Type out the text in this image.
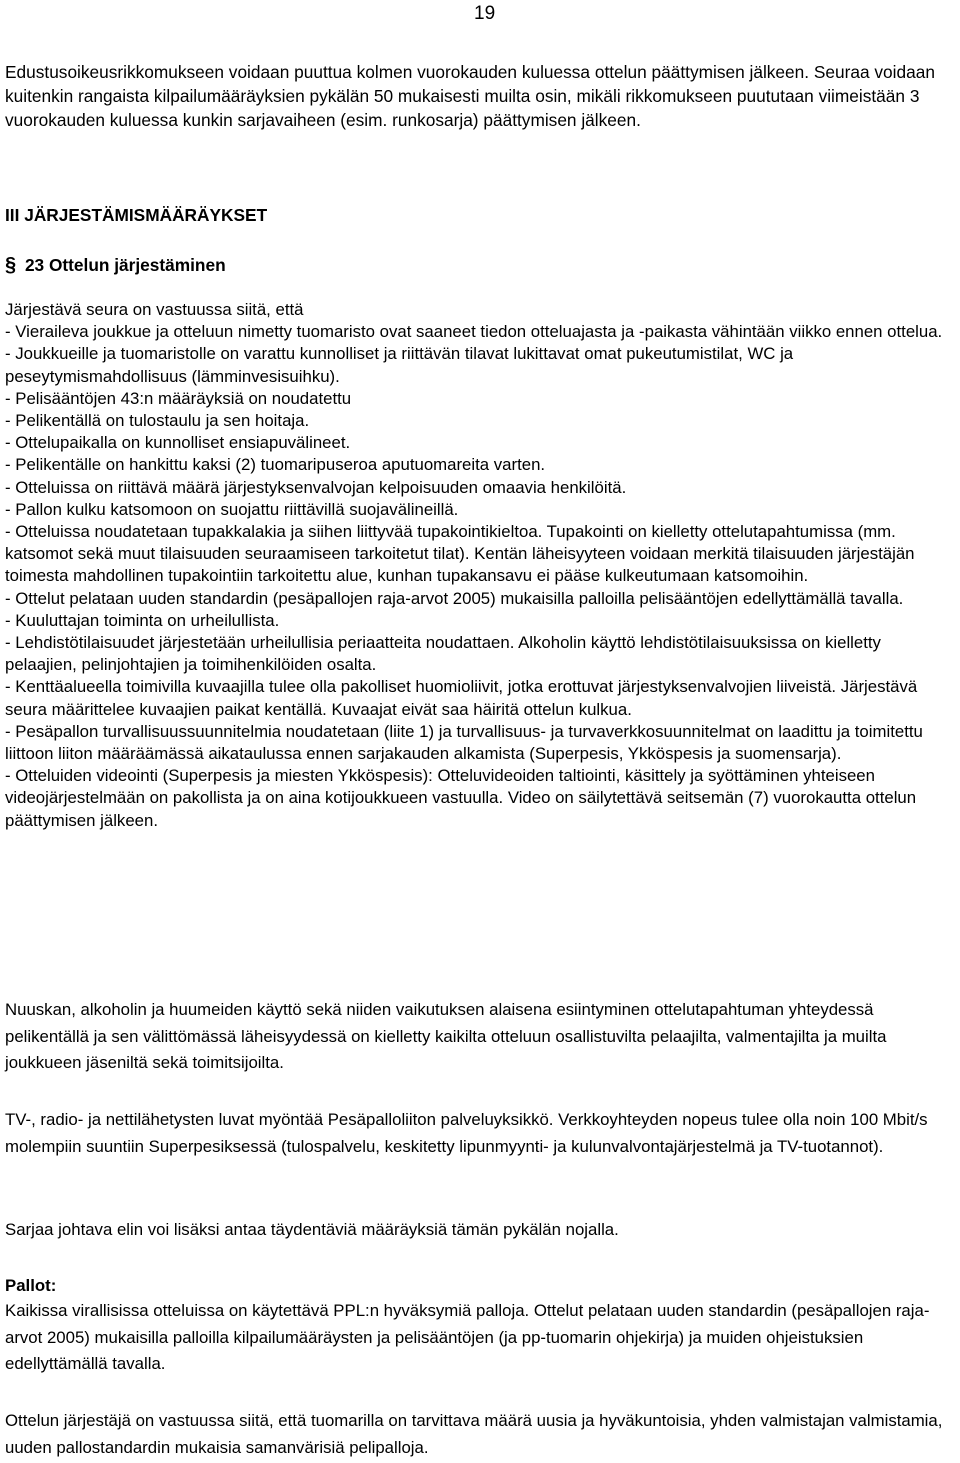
19
Edustusoikeusrikkomukseen voidaan puuttua kolmen vuorokauden kuluessa ottelun päättymisen jälkeen. Seuraa voidaan kuitenkin rangaista kilpailumääräyksien pykälän 50 mukaisesti muilta osin, mikäli rikkomukseen puututaan viimeistään 3 vuorokauden kuluessa kunkin sarjavaiheen (esim. runkosarja) päättymisen jälkeen.
III JÄRJESTÄMISMÄÄRÄYKSET
§ 23 Ottelun järjestäminen

Järjestävä seura on vastuussa siitä, että

- Vieraileva joukkue ja otteluun nimetty tuomaristo ovat saaneet tiedon otteluajasta ja -paikasta vähintään viikko ennen ottelua.

- Joukkueille ja tuomaristolle on varattu kunnolliset ja riittävän tilavat lukittavat omat pukeutumistilat, WC ja peseytymismahdollisuus (lämminvesisuihku).

- Pelisääntöjen 43:n määräyksiä on noudatettu

- Pelikentällä on tulostaulu ja sen hoitaja.

- Ottelupaikalla on kunnolliset ensiapuvälineet.

- Pelikentälle on hankittu kaksi (2) tuomaripuseroa aputuomareita varten.

- Otteluissa on riittävä määrä järjestyksenvalvojan kelpoisuuden omaavia henkilöitä.

- Pallon kulku katsomoon on suojattu riittävillä suojavälineillä.

- Otteluissa noudatetaan tupakkalakia ja siihen liittyvää tupakointikieltoa. Tupakointi on kielletty ottelutapahtumissa (mm. katsomot sekä muut tilaisuuden seuraamiseen tarkoitetut tilat). Kentän läheisyyteen voidaan merkitä tilaisuuden järjestäjän toimesta mahdollinen tupakointiin tarkoitettu alue, kunhan tupakansavu ei pääse kulkeutumaan katsomoihin.

- Ottelut pelataan uuden standardin (pesäpallojen raja-arvot 2005) mukaisilla palloilla pelisääntöjen edellyttämällä tavalla.

- Kuuluttajan toiminta on urheilullista.

- Lehdistötilaisuudet järjestetään urheilullisia periaatteita noudattaen. Alkoholin käyttö lehdistötilaisuuksissa on kielletty pelaajien, pelinjohtajien ja toimihenkilöiden osalta.

- Kenttäalueella toimivilla kuvaajilla tulee olla pakolliset huomioliivit, jotka erottuvat järjestyksenvalvojien liiveistä. Järjestävä seura määrittelee kuvaajien paikat kentällä. Kuvaajat eivät saa häiritä ottelun kulkua.

- Pesäpallon turvallisuussuunnitelmia noudatetaan (liite 1) ja turvallisuus- ja turvaverkkosuunnitelmat on laadittu ja toimitettu liittoon liiton määräämässä aikataulussa ennen sarjakauden alkamista (Superpesis, Ykköspesis ja suomensarja).

- Otteluiden videointi (Superpesis ja miesten Ykköspesis): Otteluvideoiden taltiointi, käsittely ja syöttäminen yhteiseen videojärjestelmään on pakollista ja on aina kotijoukkueen vastuulla. Video on säilytettävä seitsemän (7) vuorokautta ottelun päättymisen jälkeen.

Nuuskan, alkoholin ja huumeiden käyttö sekä niiden vaikutuksen alaisena esiintyminen ottelutapahtuman yhteydessä pelikentällä ja sen välittömässä läheisyydessä on kielletty kaikilta otteluun osallistuvilta pelaajilta, valmentajilta ja muilta joukkueen jäseniltä sekä toimitsijoilta.

TV-, radio- ja nettilähetysten luvat myöntää Pesäpalloliiton palveluyksikkö. Verkkoyhteyden nopeus tulee olla noin 100 Mbit/s molempiin suuntiin Superpesiksessä (tulospalvelu, keskitetty lipunmyynti- ja kulunvalvontajärjestelmä ja TV-tuotannot).

Sarjaa johtava elin voi lisäksi antaa täydentäviä määräyksiä tämän pykälän nojalla.

Pallot:

Kaikissa virallisissa otteluissa on käytettävä PPL:n hyväksymiä palloja. Ottelut pelataan uuden standardin (pesäpallojen raja-arvot 2005) mukaisilla palloilla kilpailumääräysten ja pelisääntöjen (ja pp-tuomarin ohjekirja) ja muiden ohjeistuksien edellyttämällä tavalla.

Ottelun järjestäjä on vastuussa siitä, että tuomarilla on tarvittava määrä uusia ja hyväkuntoisia, yhden valmistajan valmistamia, uuden pallostandardin mukaisia samanvärisiä pelipalloja.
